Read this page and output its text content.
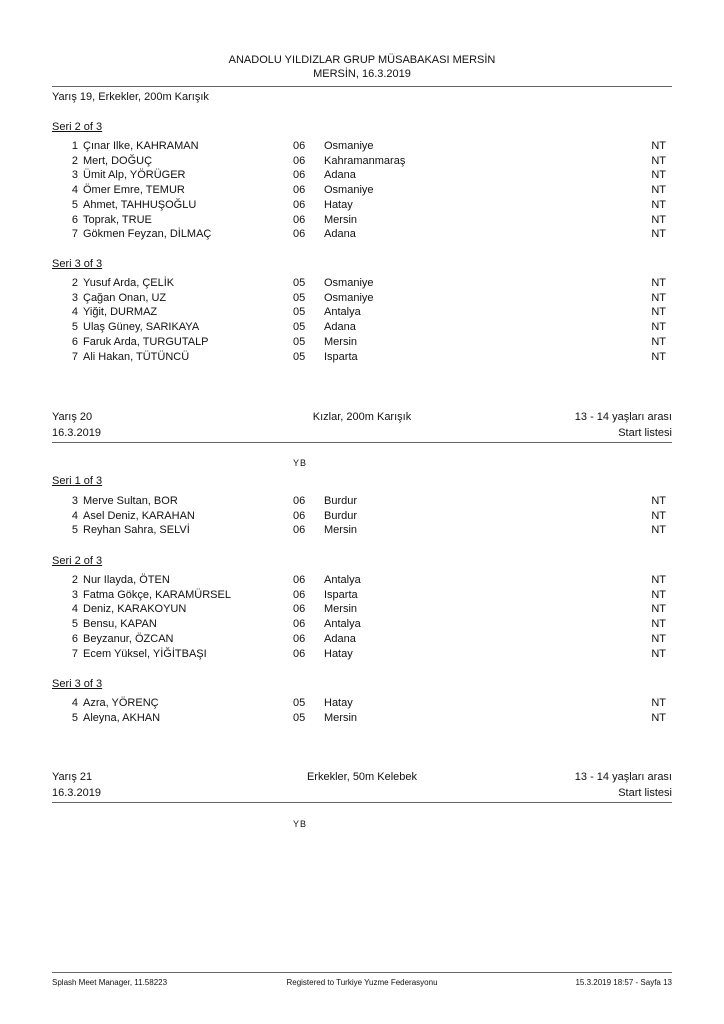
ANADOLU YILDIZLAR GRUP MÜSABAKASI MERSİN
MERSİN, 16.3.2019
Yarış 19, Erkekler, 200m Karışık
Seri 2 of 3
1 Çınar Ilke, KAHRAMAN	06 Osmaniye	NT
2 Mert, DOĞUÇ	06 Kahramanmaraş	NT
3 Ümit Alp, YÖRÜGER	06 Adana	NT
4 Ömer Emre, TEMUR	06 Osmaniye	NT
5 Ahmet, TAHHUŞOĞLU	06 Hatay	NT
6 Toprak, TRUE	06 Mersin	NT
7 Gökmen Feyzan, DİLMAÇ	06 Adana	NT
Seri 3 of 3
2 Yusuf Arda, ÇELİK	05 Osmaniye	NT
3 Çağan Onan, UZ	05 Osmaniye	NT
4 Yiğit, DURMAZ	05 Antalya	NT
5 Ulaş Güney, SARIKAYA	05 Adana	NT
6 Faruk Arda, TURGUTALP	05 Mersin	NT
7 Ali Hakan, TÜTÜNCÜ	05 Isparta	NT
Yarış 20
16.3.2019
Kızlar, 200m Karışık	13 - 14 yaşları arası
Start listesi
YB
Seri 1 of 3
3 Merve Sultan, BOR	06 Burdur	NT
4 Asel Deniz, KARAHAN	06 Burdur	NT
5 Reyhan Sahra, SELVİ	06 Mersin	NT
Seri 2 of 3
2 Nur Ilayda, ÖTEN	06 Antalya	NT
3 Fatma Gökçe, KARAMÜRSEL	06 Isparta	NT
4 Deniz, KARAKOYUN	06 Mersin	NT
5 Bensu, KAPAN	06 Antalya	NT
6 Beyzanur, ÖZCAN	06 Adana	NT
7 Ecem Yüksel, YİĞİTBAŞI	06 Hatay	NT
Seri 3 of 3
4 Azra, YÖRENÇ	05 Hatay	NT
5 Aleyna, AKHAN	05 Mersin	NT
Yarış 21
16.3.2019
Erkekler, 50m Kelebek	13 - 14 yaşları arası
Start listesi
YB
Splash Meet Manager, 11.58223	Registered to Turkiye Yuzme Federasyonu	15.3.2019 18:57 - Sayfa 13
